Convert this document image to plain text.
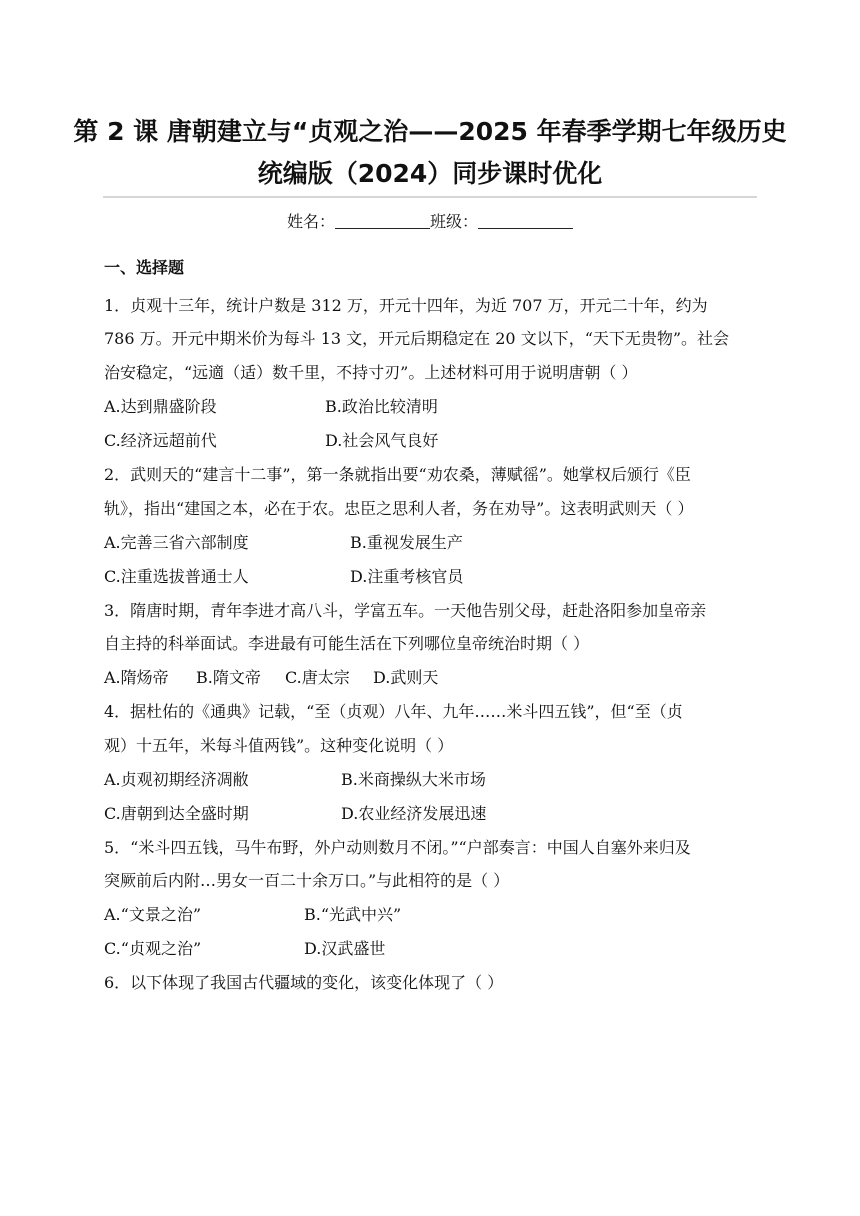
第 2 课 唐朝建立与“贞观之治——2025 年春季学期七年级历史
统编版（2024）同步课时优化
姓名：	班级：
一、选择题
1．贞观十三年，统计户数是 312 万，开元十四年，为近 707 万，开元二十年，约为
786 万。开元中期米价为每斗 13 文，开元后期稳定在 20 文以下，“天下无贵物”。社会
治安稳定，“远適（适）数千里，不持寸刃”。上述材料可用于说明唐朝（ ）
A.达到鼎盛阶段	B.政治比较清明
C.经济远超前代	D.社会风气良好
2．武则天的“建言十二事”，第一条就指出要“劝农桑，薄赋徭”。她掌权后颁行《臣
轨》，指出“建国之本，必在于农。忠臣之思利人者，务在劝导”。这表明武则天（ ）
A.完善三省六部制度	B.重视发展生产
C.注重选拔普通士人	D.注重考核官员
3．隋唐时期，青年李进才高八斗，学富五车。一天他告别父母，赶赴洛阳参加皇帝亲
自主持的科举面试。李进最有可能生活在下列哪位皇帝统治时期（ ）
A.隋炀帝 B.隋文帝 C.唐太宗 D.武则天
4．据杜佑的《通典》记载，“至（贞观）八年、九年……米斗四五钱”，但“至（贞
观）十五年，米每斗值两钱”。这种变化说明（ ）
A.贞观初期经济凋敝	B.米商操纵大米市场
C.唐朝到达全盛时期	D.农业经济发展迅速
5．“米斗四五钱，马牛布野，外户动则数月不闭。”“户部奏言：中国人自塞外来归及
突厥前后内附…男女一百二十余万口。”与此相符的是（ ）
A.“文景之治”	B.“光武中兴”
C.“贞观之治”	D.汉武盛世
6．以下体现了我国古代疆域的变化，该变化体现了（ ）
